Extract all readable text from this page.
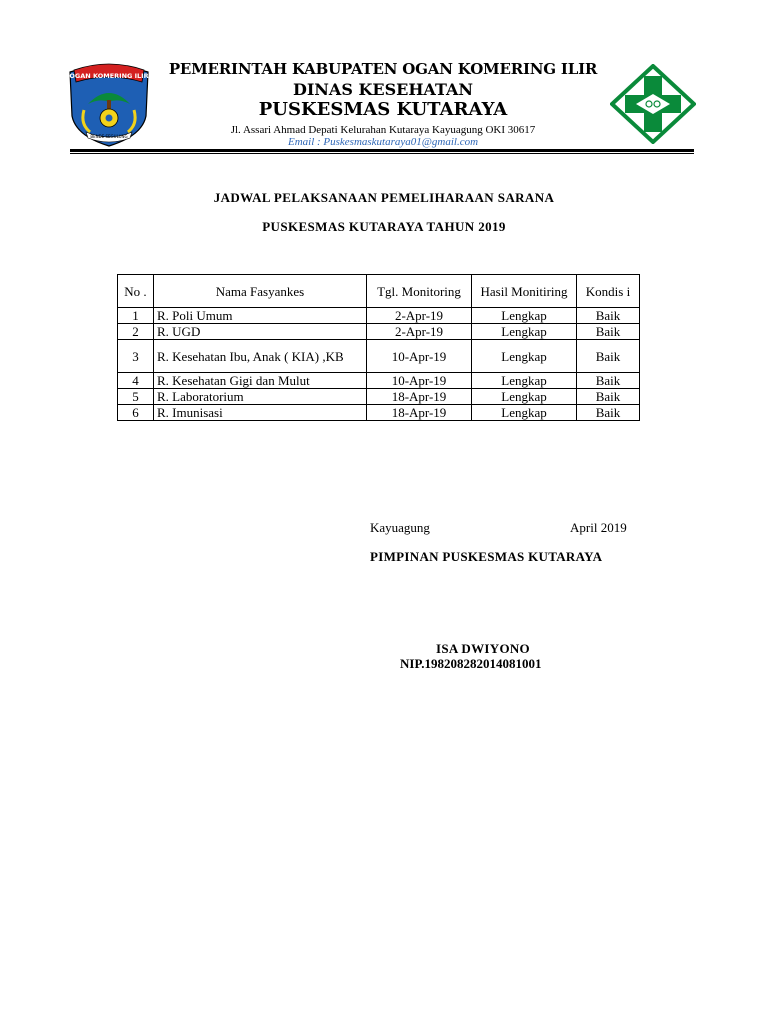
OGAN KOMERING ILIR
BENDE SEGULUNG
PEMERINTAH KABUPATEN OGAN KOMERING ILIR
DINAS KESEHATAN
PUSKESMAS KUTARAYA
Jl. Assari Ahmad Depati Kelurahan Kutaraya Kayuagung OKI 30617
Email : Puskesmaskutaraya01@gmail.com
JADWAL PELAKSANAAN PEMELIHARAAN SARANA
PUSKESMAS KUTARAYA TAHUN 2019
No .	Nama Fasyankes	Tgl. Monitoring	Hasil Monitiring	Kondis i
1	R. Poli Umum	2-Apr-19	Lengkap	Baik
2	R. UGD	2-Apr-19	Lengkap	Baik
3	R. Kesehatan Ibu, Anak ( KIA) ,KB	10-Apr-19	Lengkap	Baik
4	R. Kesehatan Gigi dan Mulut	10-Apr-19	Lengkap	Baik
5	R. Laboratorium	18-Apr-19	Lengkap	Baik
6	R. Imunisasi	18-Apr-19	Lengkap	Baik
Kayuagung	April 2019
PIMPINAN PUSKESMAS KUTARAYA
ISA DWIYONO
NIP.198208282014081001
